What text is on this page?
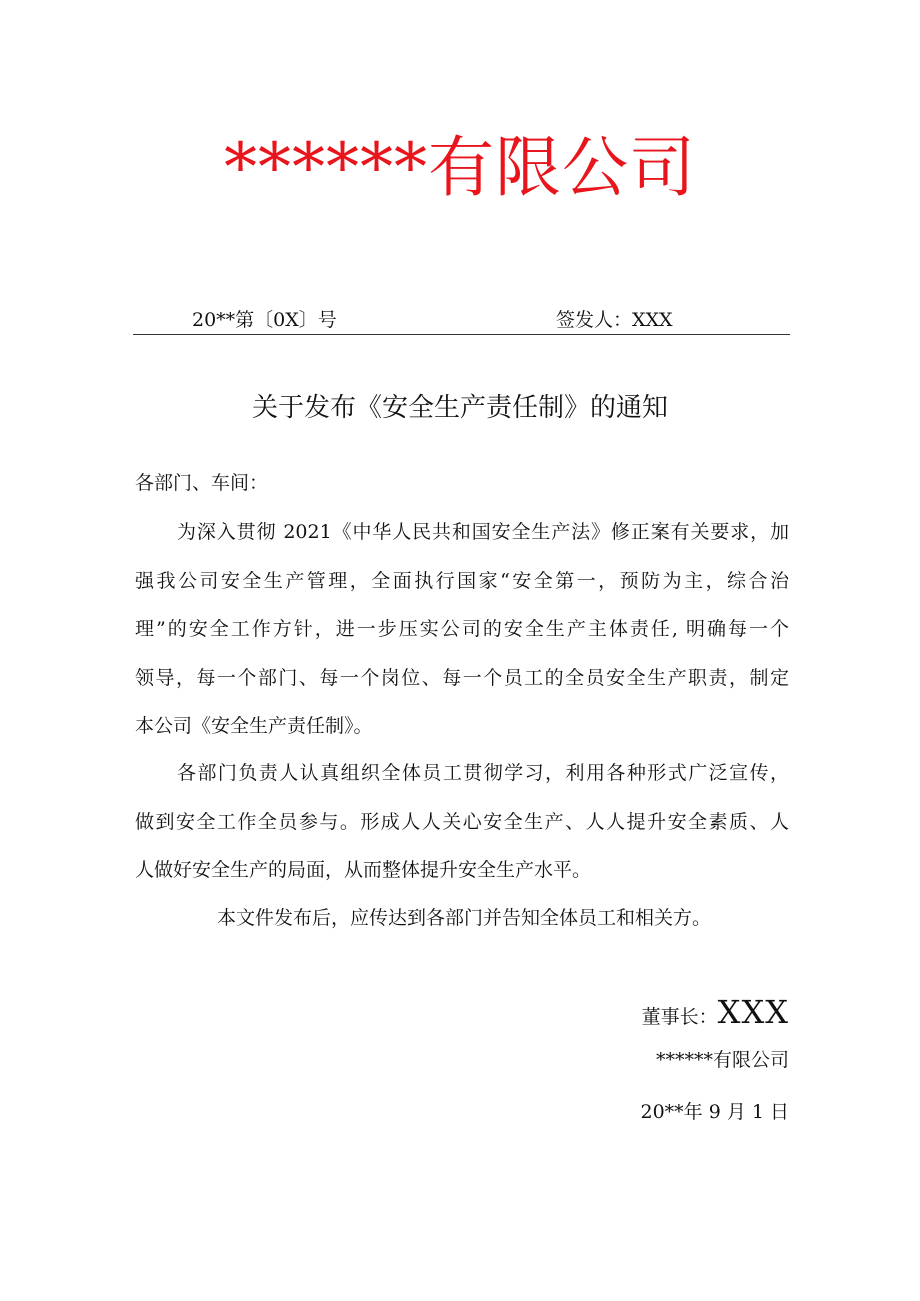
******有限公司
20**第〔0X〕号	签发人：XXX
关于发布《安全生产责任制》的通知
各部门、车间：
为深入贯彻 2021《中华人民共和国安全生产法》修正案有关要求，加
强我公司安全生产管理，全面执行国家“安全第一，预防为主，综合治
理”的安全工作方针，进一步压实公司的安全生产主体责任, 明确每一个
领导，每一个部门、每一个岗位、每一个员工的全员安全生产职责，制定
本公司《安全生产责任制》。
各部门负责人认真组织全体员工贯彻学习，利用各种形式广泛宣传，
做到安全工作全员参与。形成人人关心安全生产、人人提升安全素质、人
人做好安全生产的局面，从而整体提升安全生产水平。
本文件发布后，应传达到各部门并告知全体员工和相关方。
董事长：XXX
******有限公司
20**年 9 月 1 日
